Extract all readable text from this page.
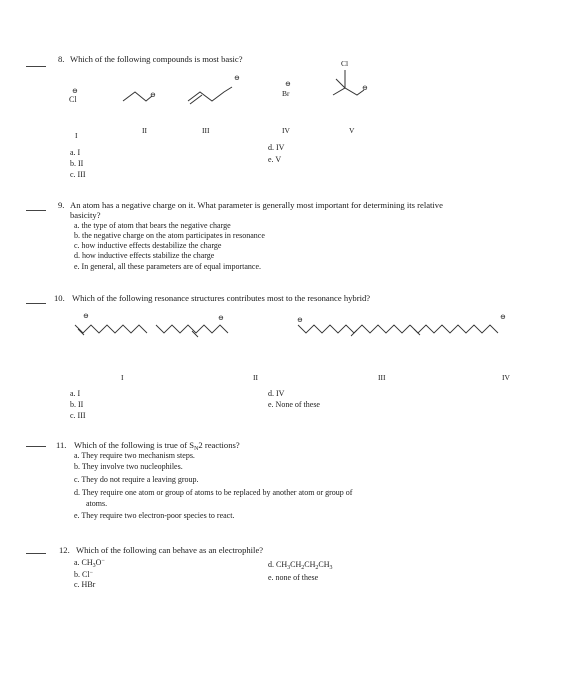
8. Which of the following compounds is most basic?
⊖
Cl	⊖
⊖
⊖
Br
Cl
⊖
I
II	III	IV	V
a. I
b. II
c. III
d. IV
e. V
9. An atom has a negative charge on it. What parameter is generally most important for determining its relative
basicity?
a. the type of atom that bears the negative charge
b. the negative charge on the atom participates in resonance
c. how inductive effects destabilize the charge
d. how inductive effects stabilize the charge
e. In general, all these parameters are of equal importance.
10. Which of the following resonance structures contributes most to the resonance hybrid?
⊖	⊖	⊖	⊖
I	II	III	IV
a. I
b. II
c. III
d. IV
e. None of these
11. Which of the following is true of $S_N2$ reactions?
a. They require two mechanism steps.
b. They involve two nucleophiles.
c. They do not require a leaving group.
d. They require one atom or group of atoms to be replaced by another atom or group of
atoms.
e. They require two electron-poor species to react.
12. Which of the following can behave as an electrophile?
a. $CH_3O^-$
b. Cl−
c. HBr
d. $CH_3CH_2CH_2CH_3$
e. none of these
